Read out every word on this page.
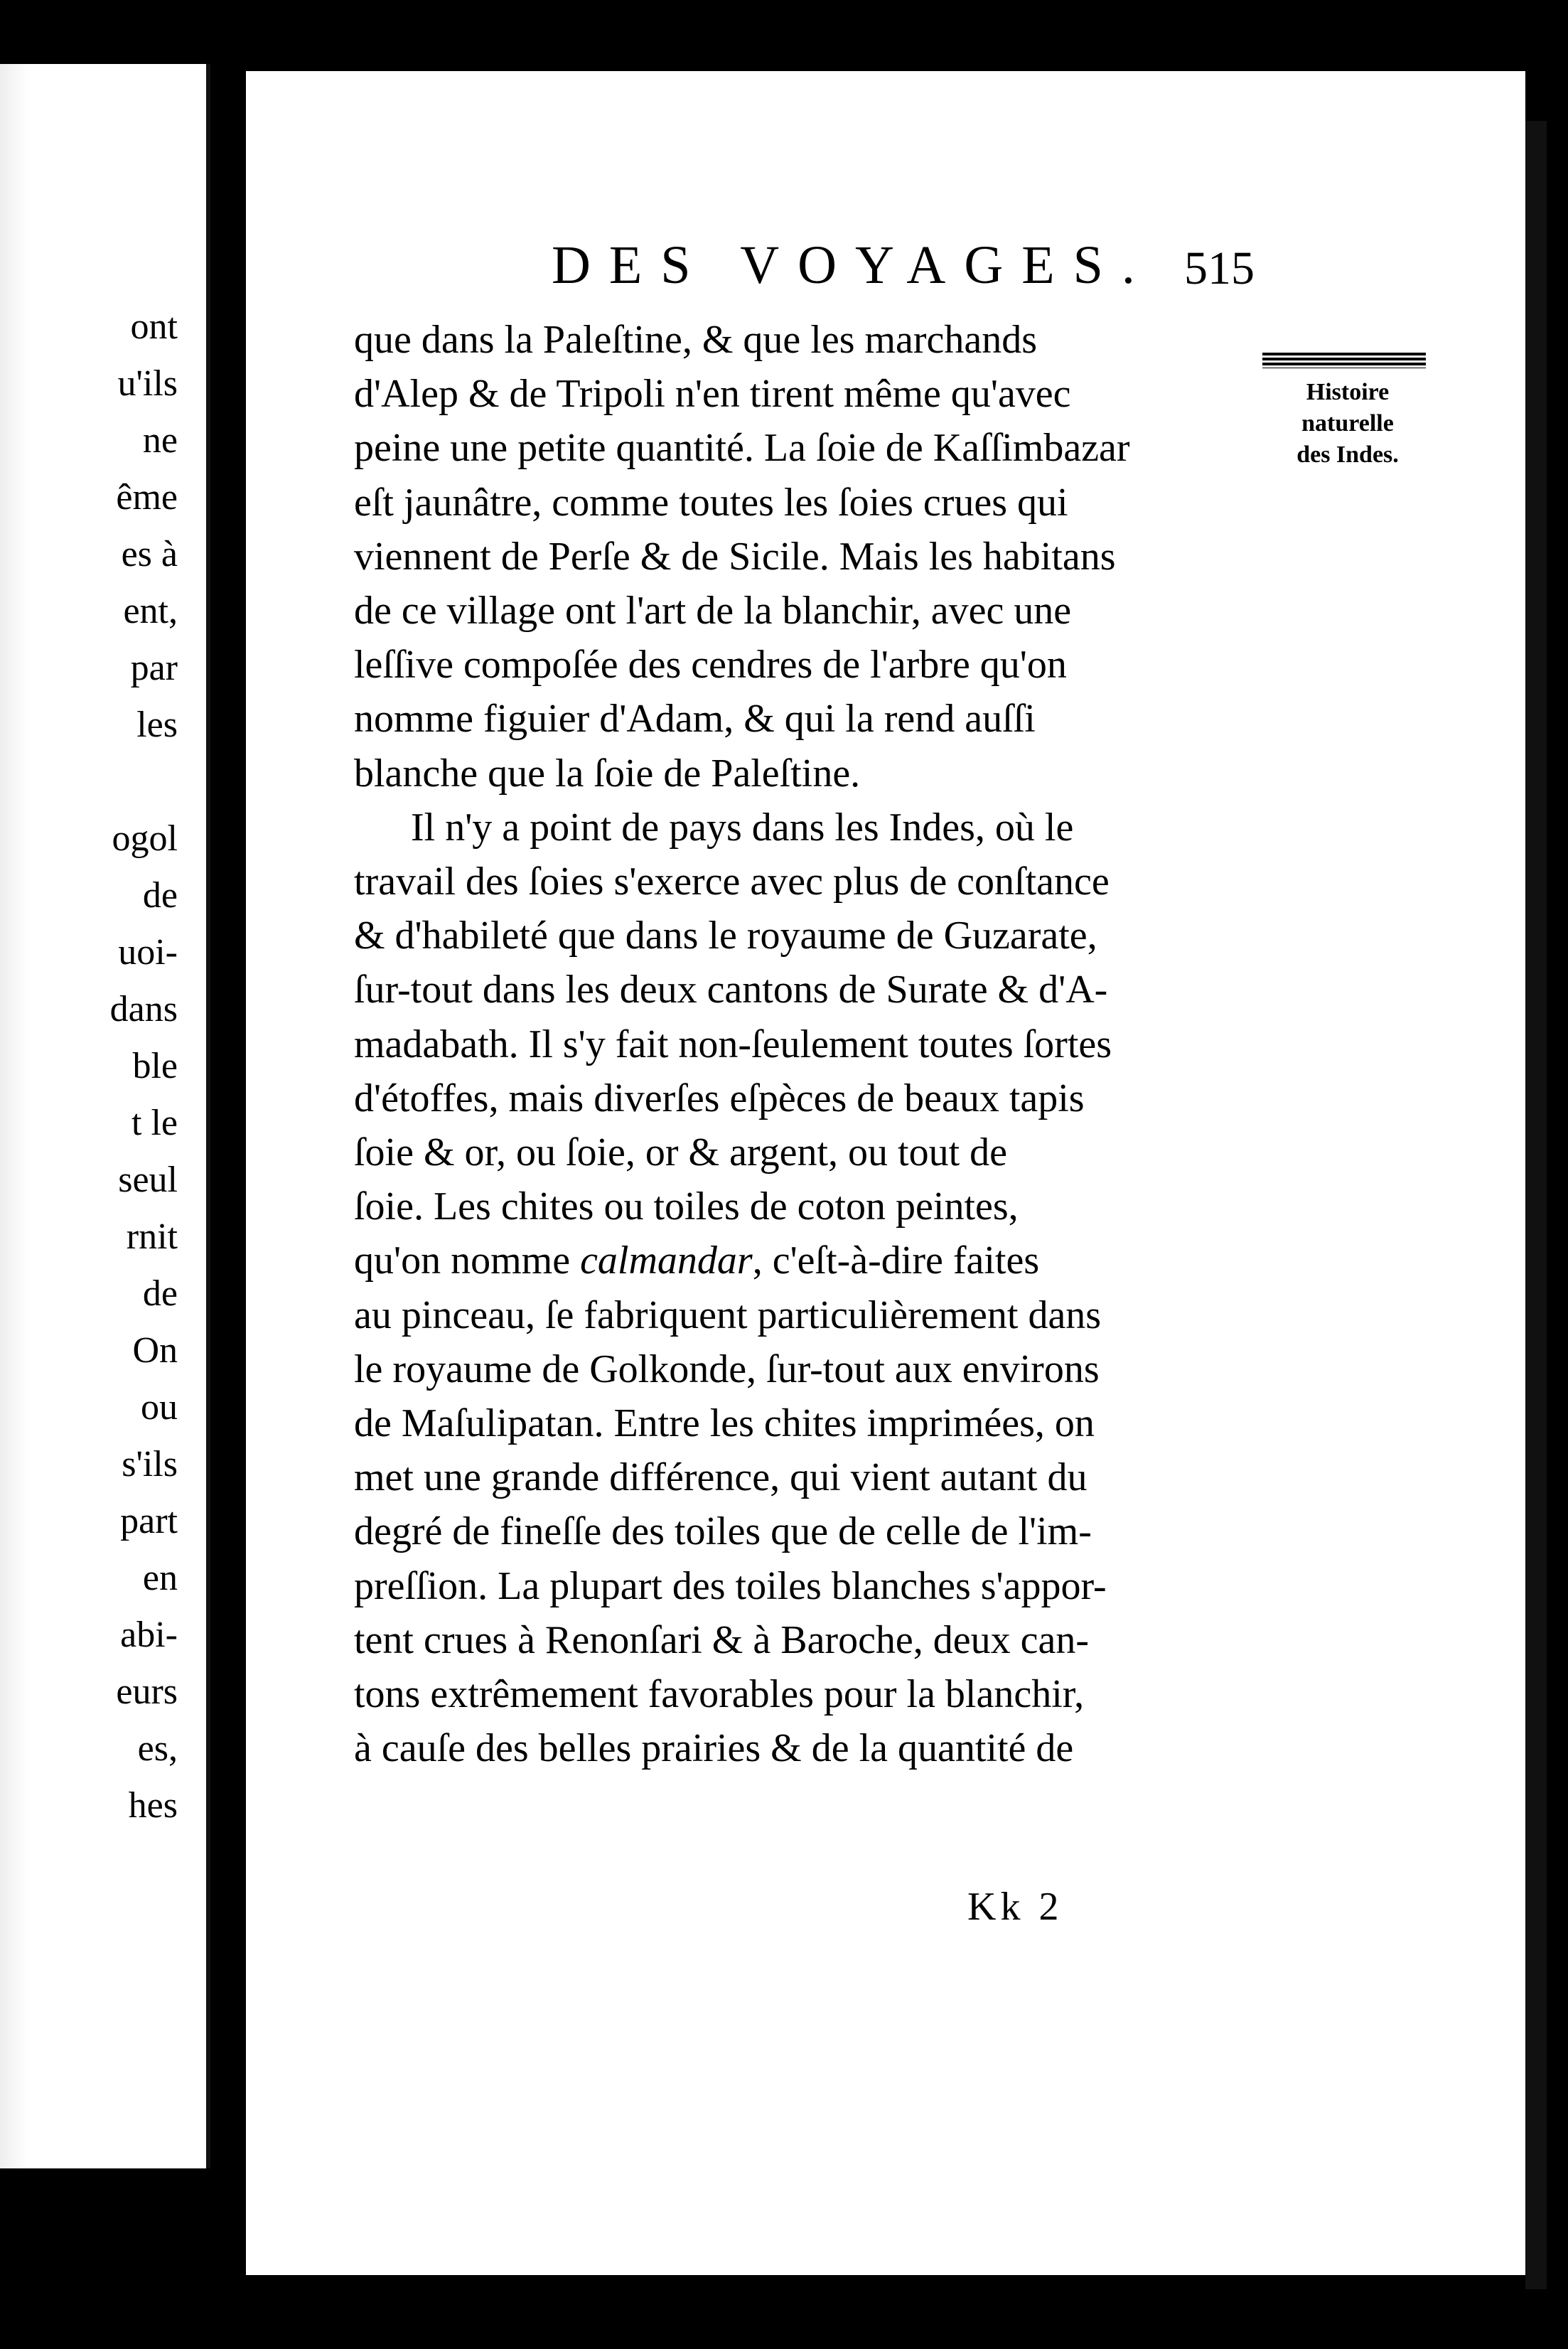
ont
u'ils
ne
ême
es à
ent,
par
les
ogol
de
uoi-
dans
ble
t le
seul
rnit
de
On
ou
s'ils
part
en
abi-
eurs
es,
hes
DES VOYAGES. 515
Histoire
naturelle
des Indes.

que dans la Paleſtine, & que les marchands
d'Alep & de Tripoli n'en tirent même qu'avec
peine une petite quantité. La ſoie de Kaſſimbazar
eſt jaunâtre, comme toutes les ſoies crues qui
viennent de Perſe & de Sicile. Mais les habitans
de ce village ont l'art de la blanchir, avec une
leſſive compoſée des cendres de l'arbre qu'on
nomme figuier d'Adam, & qui la rend auſſi
blanche que la ſoie de Paleſtine.

Il n'y a point de pays dans les Indes, où le
travail des ſoies s'exerce avec plus de conſtance
& d'habileté que dans le royaume de Guzarate,
ſur-tout dans les deux cantons de Surate & d'A-
madabath. Il s'y fait non-ſeulement toutes ſortes
d'étoffes, mais diverſes eſpèces de beaux tapis
ſoie & or, ou ſoie, or & argent, ou tout de
ſoie. Les chites ou toiles de coton peintes,
qu'on nomme calmandar, c'eſt-à-dire faites
au pinceau, ſe fabriquent particulièrement dans
le royaume de Golkonde, ſur-tout aux environs
de Maſulipatan. Entre les chites imprimées, on
met une grande différence, qui vient autant du
degré de fineſſe des toiles que de celle de l'im-
preſſion. La plupart des toiles blanches s'appor-
tent crues à Renonſari & à Baroche, deux can-
tons extrêmement favorables pour la blanchir,
à cauſe des belles prairies & de la quantité de

Kk 2
